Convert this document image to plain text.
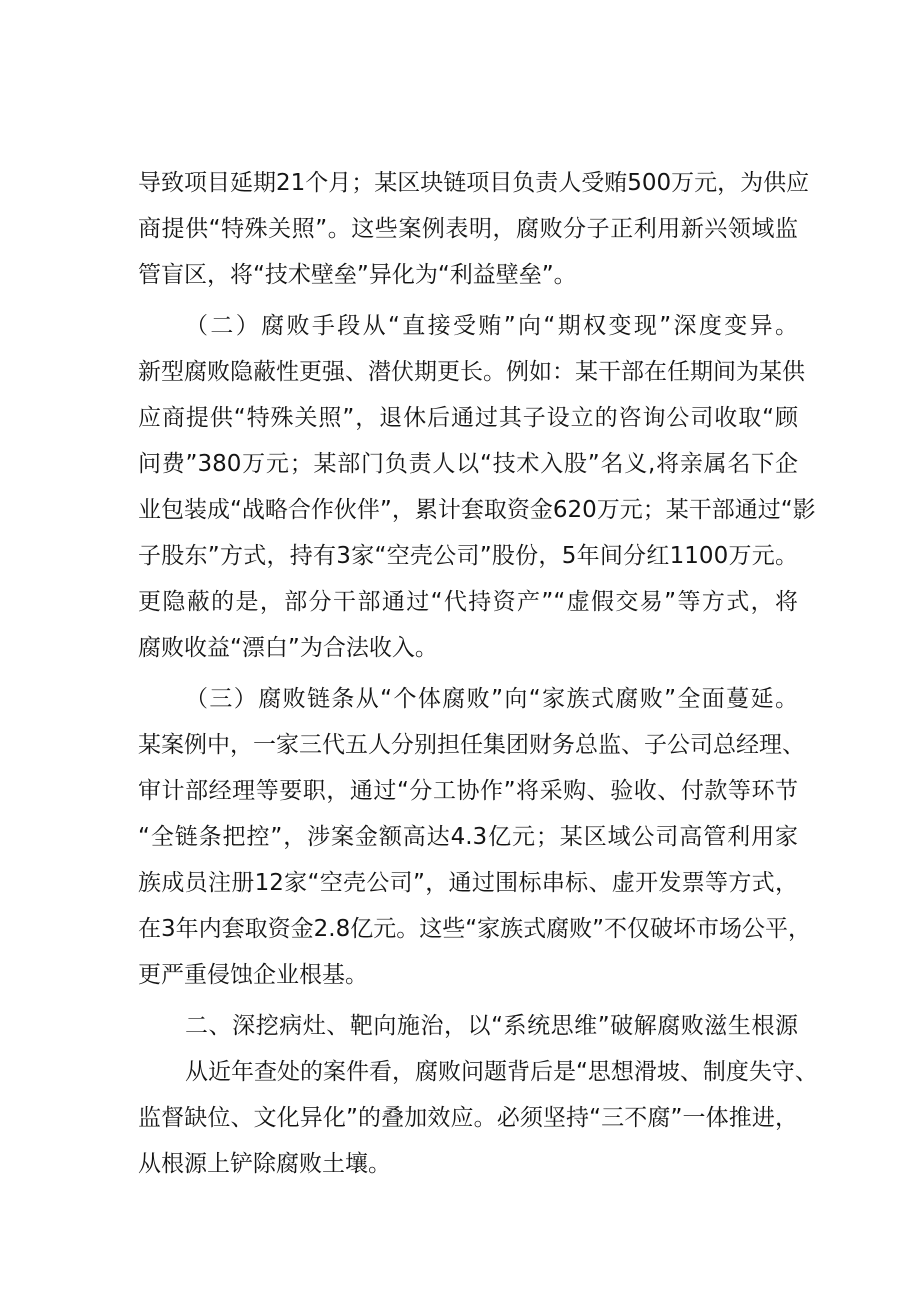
导致项目延期21个月；某区块链项目负责人受贿500万元，为供应
商提供“特殊关照”。这些案例表明，腐败分子正利用新兴领域监
管盲区，将“技术壁垒”异化为“利益壁垒”。
（二）腐败手段从“直接受贿”向“期权变现”深度变异。
新型腐败隐蔽性更强、潜伏期更长。例如：某干部在任期间为某供
应商提供“特殊关照”，退休后通过其子设立的咨询公司收取“顾
问费”380万元；某部门负责人以“技术入股”名义,将亲属名下企
业包装成“战略合作伙伴”，累计套取资金620万元；某干部通过“影
子股东”方式，持有3家“空壳公司”股份，5年间分红1100万元。
更隐蔽的是，部分干部通过“代持资产”“虚假交易”等方式，将
腐败收益“漂白”为合法收入。
（三）腐败链条从“个体腐败”向“家族式腐败”全面蔓延。
某案例中，一家三代五人分别担任集团财务总监、子公司总经理、
审计部经理等要职，通过“分工协作”将采购、验收、付款等环节
“全链条把控”，涉案金额高达4.3亿元；某区域公司高管利用家
族成员注册12家“空壳公司”，通过围标串标、虚开发票等方式，
在3年内套取资金2.8亿元。这些“家族式腐败”不仅破坏市场公平，
更严重侵蚀企业根基。
二、深挖病灶、靶向施治，以“系统思维”破解腐败滋生根源
从近年查处的案件看，腐败问题背后是“思想滑坡、制度失守、
监督缺位、文化异化”的叠加效应。必须坚持“三不腐”一体推进，
从根源上铲除腐败土壤。
